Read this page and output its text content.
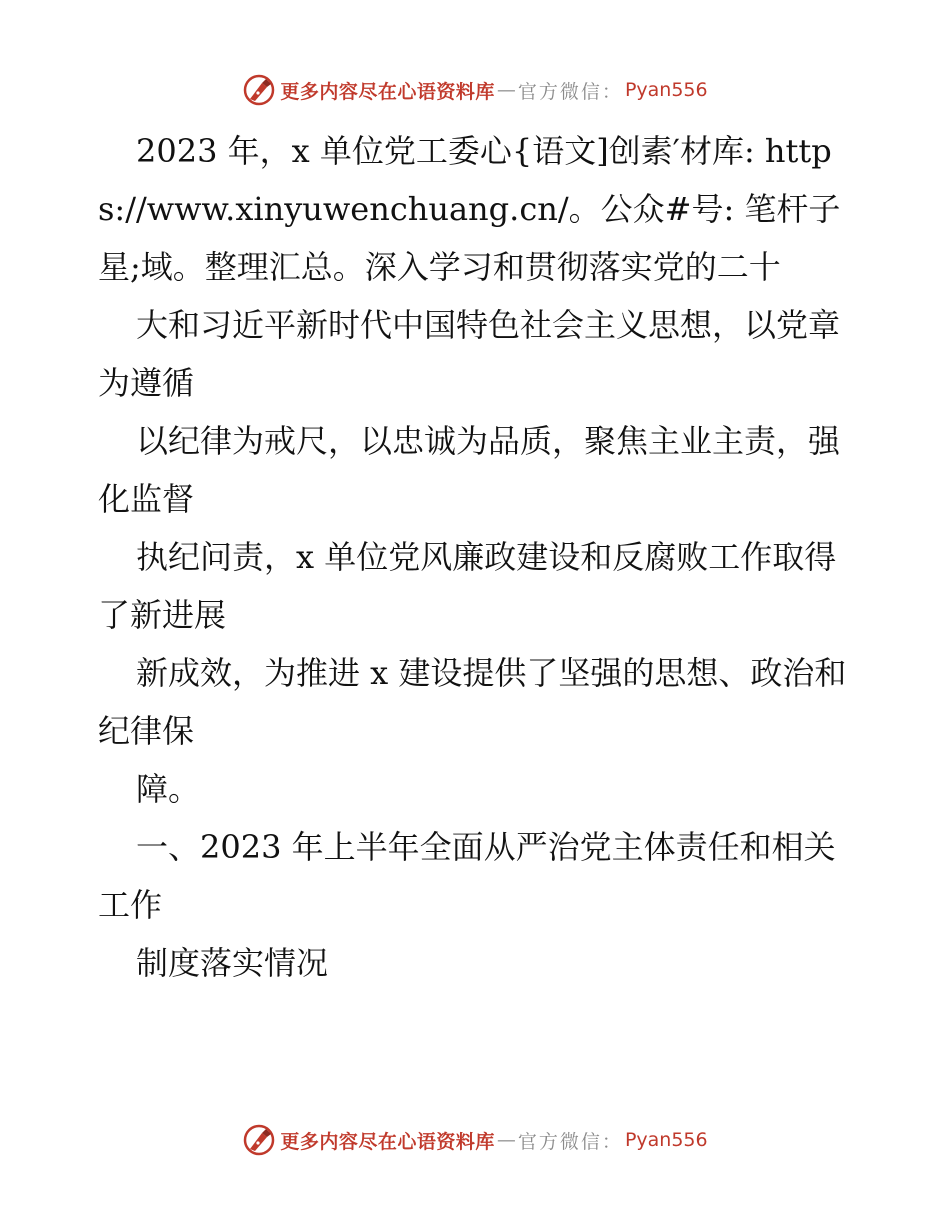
更多内容尽在心语资料库 — 官方微信 ： Pyan556

2023 年，x 单位党工委心{语文]创素′材库: https://www.xinyuwenchuang.cn/。公众#号: 笔杆子星;域。整理汇总。深入学习和贯彻落实党的二十

大和习近平新时代中国特色社会主义思想，以党章为遵循

以纪律为戒尺，以忠诚为品质，聚焦主业主责，强化监督

执纪问责，x 单位党风廉政建设和反腐败工作取得了新进展

新成效，为推进 x 建设提供了坚强的思想、政治和纪律保

障。

一、2023 年上半年全面从严治党主体责任和相关工作

制度落实情况

更多内容尽在心语资料库 — 官方微信 ： Pyan556
